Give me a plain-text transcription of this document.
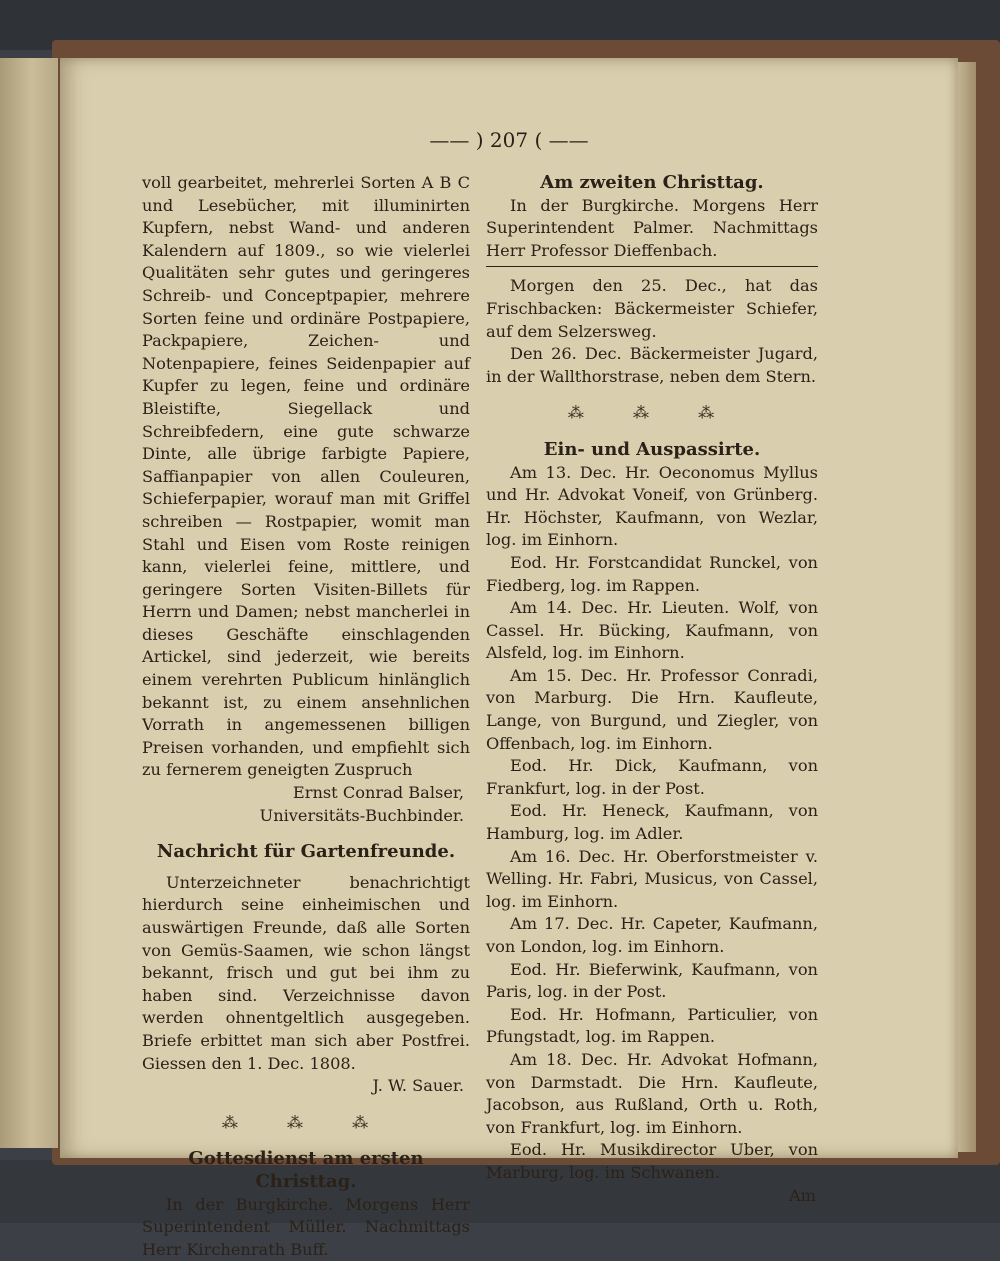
—— ) 207 ( ——

voll gearbeitet, mehrerlei Sorten A B C und Lesebücher, mit illuminirten Kupfern, nebst Wand- und anderen Kalendern auf 1809., so wie vielerlei Qualitäten sehr gutes und geringeres Schreib- und Conceptpapier, mehrere Sorten feine und ordinäre Postpapiere, Packpapiere, Zeichen- und Notenpapiere, feines Seidenpapier auf Kupfer zu legen, feine und ordinäre Bleistifte, Siegellack und Schreibfedern, eine gute schwarze Dinte, alle übrige farbigte Papiere, Saffianpapier von allen Couleuren, Schieferpapier, worauf man mit Griffel schreiben — Rostpapier, womit man Stahl und Eisen vom Roste reinigen kann, vielerlei feine, mittlere, und geringere Sorten Visiten-Billets für Herrn und Damen; nebst mancherlei in dieses Geschäfte einschlagenden Artickel, sind jederzeit, wie bereits einem verehrten Publicum hinlänglich bekannt ist, zu einem ansehnlichen Vorrath in angemessenen billigen Preisen vorhanden, und empfiehlt sich zu fernerem geneigten Zuspruch

Ernst Conrad Balser,

Universitäts-Buchbinder.

Nachricht für Gartenfreunde.

Unterzeichneter benachrichtigt hierdurch seine einheimischen und auswärtigen Freunde, daß alle Sorten von Gemüs-Saamen, wie schon längst bekannt, frisch und gut bei ihm zu haben sind. Verzeichnisse davon werden ohnentgeltlich ausgegeben. Briefe erbittet man sich aber Postfrei. Giessen den 1. Dec. 1808.

J. W. Sauer.

⁂ ⁂ ⁂

Gottesdienst am ersten Christtag.

In der Burgkirche. Morgens Herr Superintendent Müller. Nachmittags Herr Kirchenrath Buff.

Am zweiten Christtag.

In der Burgkirche. Morgens Herr Superintendent Palmer. Nachmittags Herr Professor Dieffenbach.

Morgen den 25. Dec., hat das Frischbacken: Bäckermeister Schiefer, auf dem Selzersweg.

Den 26. Dec. Bäckermeister Jugard, in der Wallthorstrase, neben dem Stern.

⁂ ⁂ ⁂

Ein- und Auspassirte.

Am 13. Dec. Hr. Oeconomus Myllus und Hr. Advokat Voneif, von Grünberg. Hr. Höchster, Kaufmann, von Wezlar, log. im Einhorn.

Eod. Hr. Forstcandidat Runckel, von Fiedberg, log. im Rappen.

Am 14. Dec. Hr. Lieuten. Wolf, von Cassel. Hr. Bücking, Kaufmann, von Alsfeld, log. im Einhorn.

Am 15. Dec. Hr. Professor Conradi, von Marburg. Die Hrn. Kaufleute, Lange, von Burgund, und Ziegler, von Offenbach, log. im Einhorn.

Eod. Hr. Dick, Kaufmann, von Frankfurt, log. in der Post.

Eod. Hr. Heneck, Kaufmann, von Hamburg, log. im Adler.

Am 16. Dec. Hr. Oberforstmeister v. Welling. Hr. Fabri, Musicus, von Cassel, log. im Einhorn.

Am 17. Dec. Hr. Capeter, Kaufmann, von London, log. im Einhorn.

Eod. Hr. Bieferwink, Kaufmann, von Paris, log. in der Post.

Eod. Hr. Hofmann, Particulier, von Pfungstadt, log. im Rappen.

Am 18. Dec. Hr. Advokat Hofmann, von Darmstadt. Die Hrn. Kaufleute, Jacobson, aus Rußland, Orth u. Roth, von Frankfurt, log. im Einhorn.

Eod. Hr. Musikdirector Uber, von Marburg, log. im Schwanen.

Am
